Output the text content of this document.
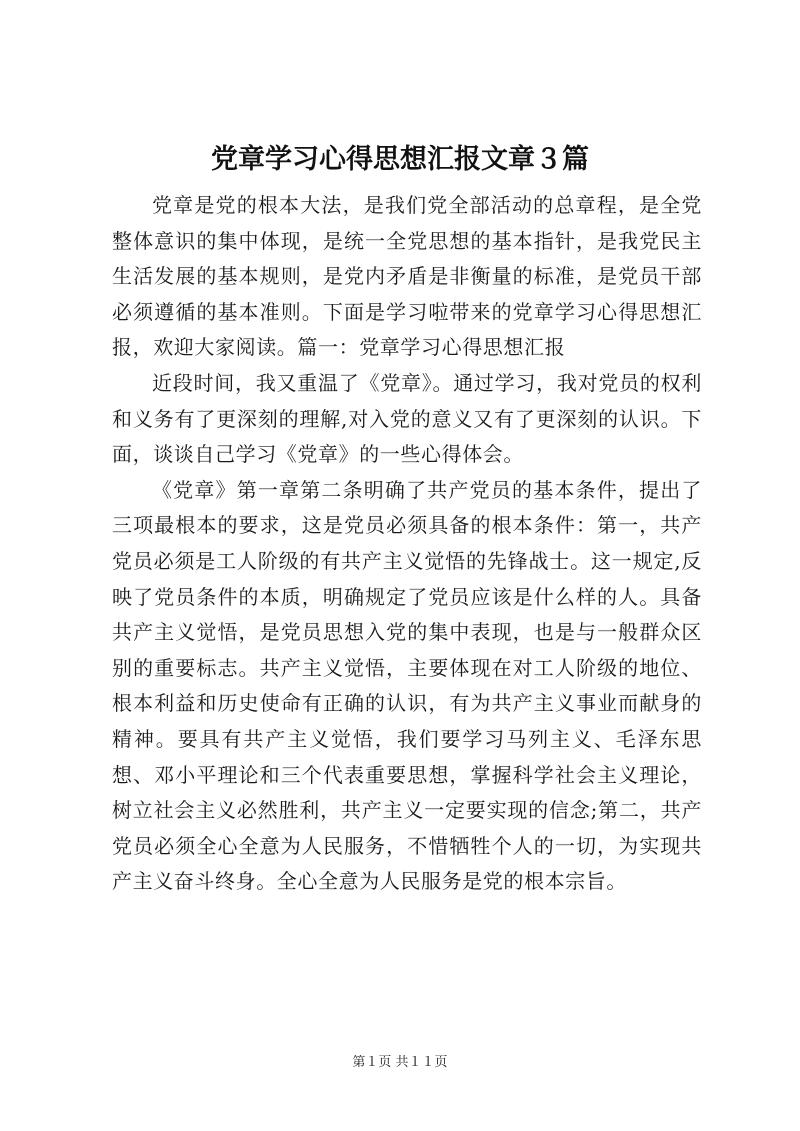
党章学习心得思想汇报文章３篇

党章是党的根本大法，是我们党全部活动的总章程，是全党整体意识的集中体现，是统一全党思想的基本指针，是我党民主生活发展的基本规则，是党内矛盾是非衡量的标准，是党员干部必须遵循的基本准则。下面是学习啦带来的党章学习心得思想汇报，欢迎大家阅读。篇一：党章学习心得思想汇报

近段时间，我又重温了《党章》。通过学习，我对党员的权利和义务有了更深刻的理解,对入党的意义又有了更深刻的认识。下面，谈谈自己学习《党章》的一些心得体会。

《党章》第一章第二条明确了共产党员的基本条件，提出了三项最根本的要求，这是党员必须具备的根本条件：第一，共产党员必须是工人阶级的有共产主义觉悟的先锋战士。这一规定,反映了党员条件的本质，明确规定了党员应该是什么样的人。具备共产主义觉悟，是党员思想入党的集中表现，也是与一般群众区别的重要标志。共产主义觉悟，主要体现在对工人阶级的地位、根本利益和历史使命有正确的认识，有为共产主义事业而献身的精神。要具有共产主义觉悟，我们要学习马列主义、毛泽东思想、邓小平理论和三个代表重要思想，掌握科学社会主义理论，树立社会主义必然胜利，共产主义一定要实现的信念;第二，共产党员必须全心全意为人民服务，不惜牺牲个人的一切，为实现共产主义奋斗终身。全心全意为人民服务是党的根本宗旨。

第１页 共１１页
